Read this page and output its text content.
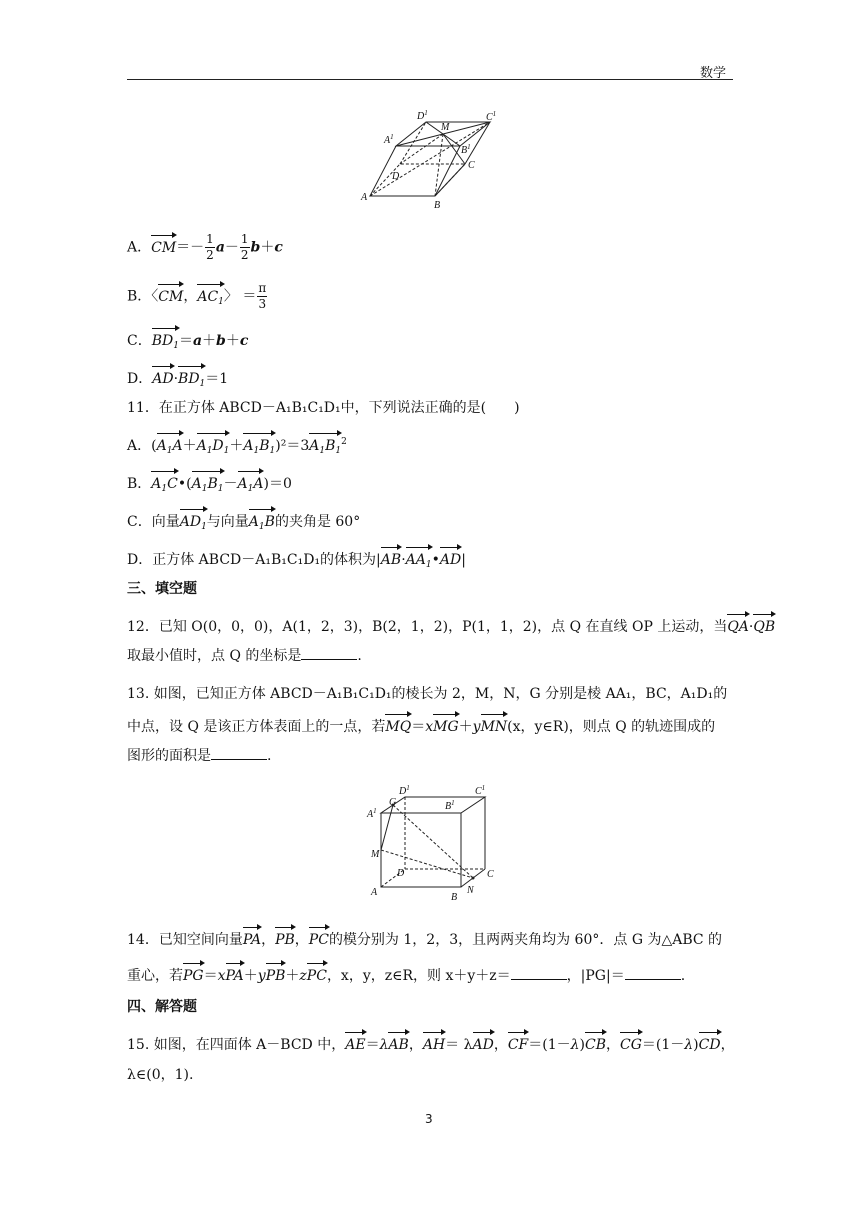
数学
A
B
C
D
$A^1$
$B^1$
$C^1$
$D^1$
M
A．$CM=- \frac{1}{2} a- \frac{1}{2} b+c$
B．〈CM，$AC_1$〉 ＝ $\frac{\pi}{3}$
C．$BD_1=a+b+c$
D．$AD\cdot BD_1=1$
11．在正方体 ABCD－A₁B₁C₁D₁中，下列说法正确的是(　　)
A．$(A_1A+A_1D_1+A_1B_1)^2=3A_1B_1^2$
B．$A_1C•(A_1B_1-A_1A)=0$
C．向量$AD_1$与向量$A_1B$的夹角是 60°
D．正方体 ABCD－A₁B₁C₁D₁的体积为$|AB\cdot AA_1•AD|$
三、填空题
12．已知 O(0，0，0)，A(1，2，3)，B(2，1，2)，P(1，1，2)，点 Q 在直线 OP 上运动，当QA·QB
取最小值时，点 Q 的坐标是	.
13. 如图，已知正方体 ABCD－A₁B₁C₁D₁的棱长为 2，M，N，G 分别是棱 AA₁，BC，A₁D₁的
中点，设 Q 是该正方体表面上的一点，若MQ＝xMG＋yMN(x，y∈R)，则点 Q 的轨迹围成的
图形的面积是	.
A	B
C
D
$A^1$	$B^1$
$C^1$
$D^1$
G
M
N
14．已知空间向量PA，PB，PC的模分别为 1，2，3，且两两夹角均为 60°．点 G 为△ABC 的
重心，若PG＝xPA＋yPB＋zPC，x，y，z∈R，则 x＋y＋z＝	，|PG|＝	.
四、解答题
15. 如图，在四面体 A－BCD 中，AE＝λAB，AH＝ λAD，CF＝(1－λ)CB，CG＝(1－λ)CD，
λ∈(0，1).
3
